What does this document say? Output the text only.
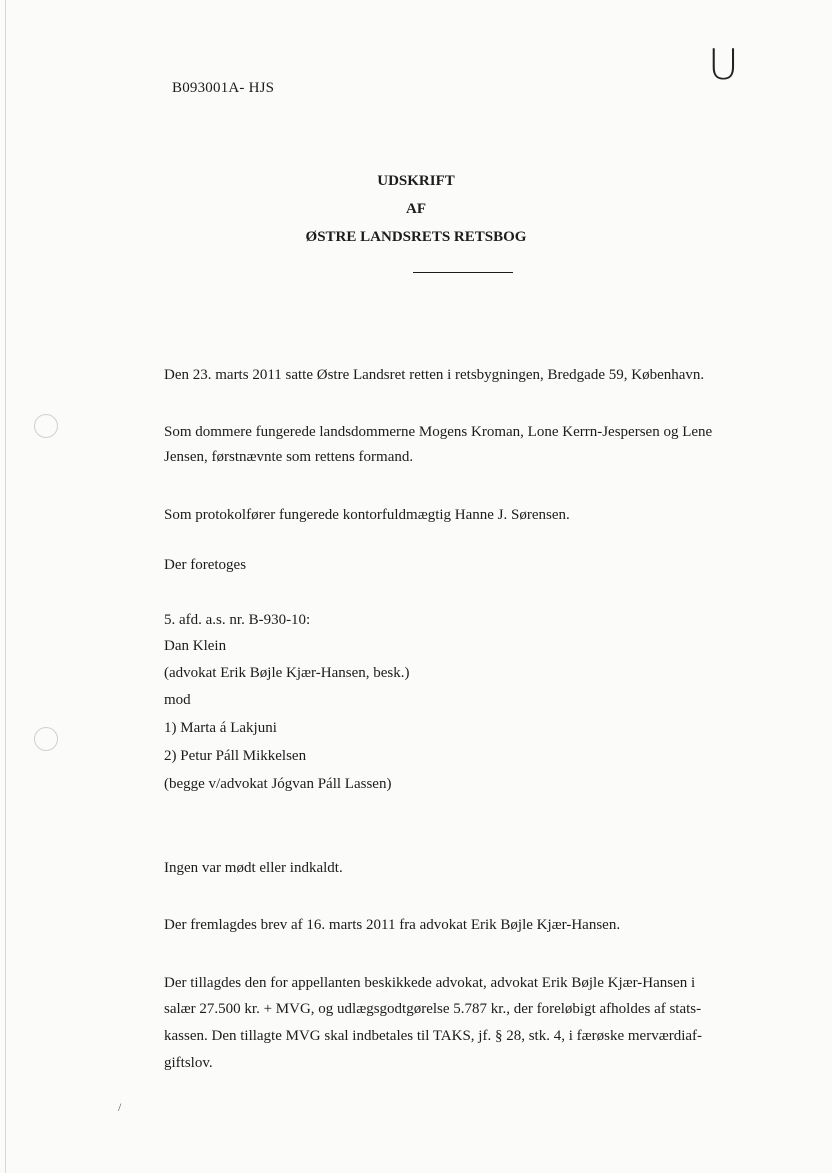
B093001A- HJS	U
UDSKRIFT
AF
ØSTRE LANDSRETS RETSBOG
Den 23. marts 2011 satte Østre Landsret retten i retsbygningen, Bredgade 59, København.
Som dommere fungerede landsdommerne Mogens Kroman, Lone Kerrn-Jespersen og Lene
Jensen, førstnævnte som rettens formand.
Som protokolfører fungerede kontorfuldmægtig Hanne J. Sørensen.
Der foretoges
5. afd. a.s. nr. B-930-10:
Dan Klein
(advokat Erik Bøjle Kjær-Hansen, besk.)
mod
1) Marta á Lakjuni
2) Petur Páll Mikkelsen
(begge v/advokat Jógvan Páll Lassen)
Ingen var mødt eller indkaldt.
Der fremlagdes brev af 16. marts 2011 fra advokat Erik Bøjle Kjær-Hansen.
Der tillagdes den for appellanten beskikkede advokat, advokat Erik Bøjle Kjær-Hansen i
salær 27.500 kr. + MVG, og udlægsgodtgørelse 5.787 kr., der foreløbigt afholdes af stats-
kassen. Den tillagte MVG skal indbetales til TAKS, jf. § 28, stk. 4, i færøske merværdiaf-
giftslov.
/
